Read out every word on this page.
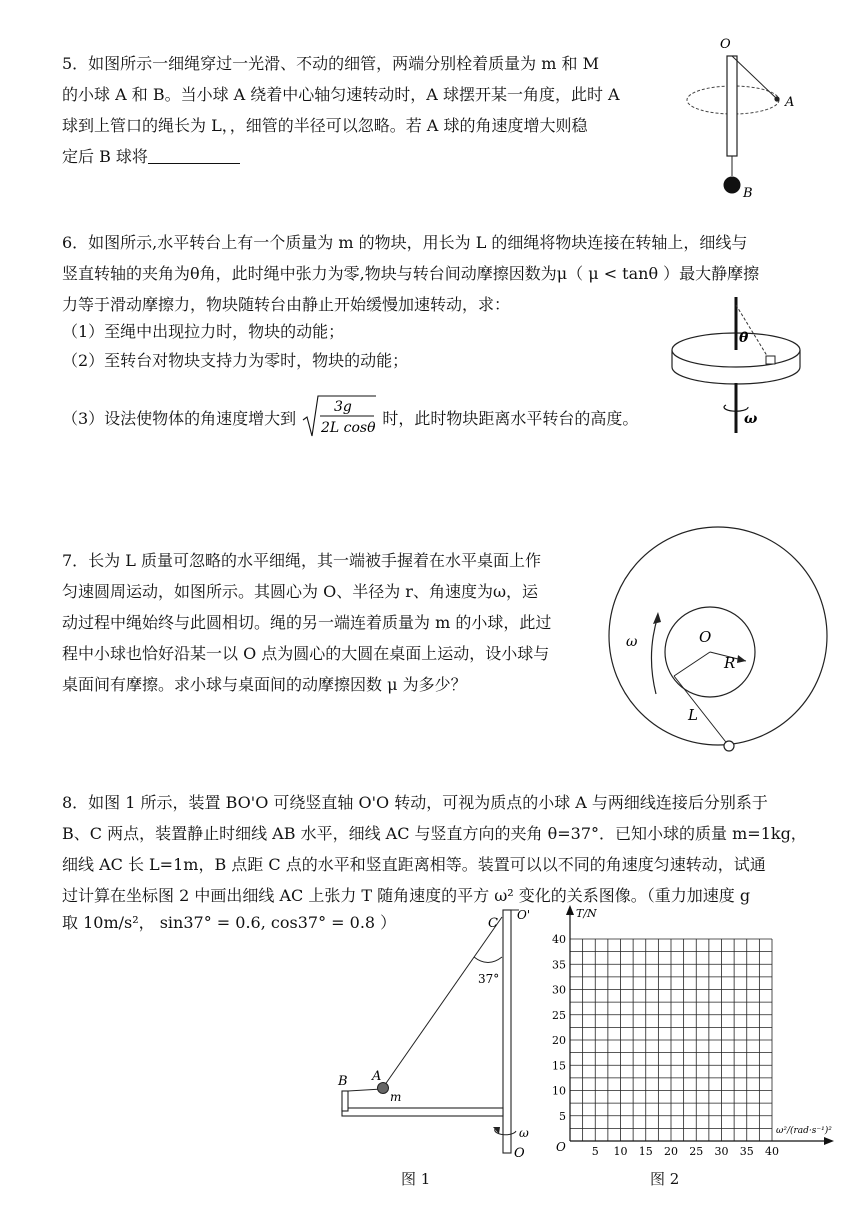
5．如图所示一细绳穿过一光滑、不动的细管，两端分别栓着质量为 m 和 M
的小球 A 和 B。当小球 A 绕着中心轴匀速转动时，A 球摆开某一角度，此时 A
球到上管口的绳长为 L，，细管的半径可以忽略。若 A 球的角速度增大则稳
定后 B 球将
O
A
B
6．如图所示,水平转台上有一个质量为 m 的物块，用长为 L 的细绳将物块连接在转轴上，细线与
竖直转轴的夹角为θ角，此时绳中张力为零,物块与转台间动摩擦因数为μ（ μ < tanθ ）最大静摩擦
力等于滑动摩擦力，物块随转台由静止开始缓慢加速转动，求：
（1）至绳中出现拉力时，物块的动能；
（2）至转台对物块支持力为零时，物块的动能；
（3）设法使物体的角速度增大到
3g
2L cosθ 时，此时物块距离水平转台的高度。
θ
ω
7．长为 L 质量可忽略的水平细绳，其一端被手握着在水平桌面上作
匀速圆周运动，如图所示。其圆心为 O、半径为 r、角速度为ω，运
动过程中绳始终与此圆相切。绳的另一端连着质量为 m 的小球，此过
程中小球也恰好沿某一以 O 点为圆心的大圆在桌面上运动，设小球与
桌面间有摩擦。求小球与桌面间的动摩擦因数 μ 为多少？
ω	O
R
L
8．如图 1 所示，装置 BO'O 可绕竖直轴 O'O 转动，可视为质点的小球 A 与两细线连接后分别系于
B、C 两点，装置静止时细线 AB 水平，细线 AC 与竖直方向的夹角 θ=37°．已知小球的质量 m=1kg，
细线 AC 长 L=1m，B 点距 C 点的水平和竖直距离相等。装置可以以不同的角速度匀速转动，试通
过计算在坐标图 2 中画出细线 AC 上张力 T 随角速度的平方 ω² 变化的关系图像。（重力加速度 g
取 10m/s²， sin37° = 0.6, cos37° = 0.8 ）	C
O'
37°
A
m
B
ω
O
图 1
T/N
ω²/(rad·s⁻¹)²
O
40
35
30
25
20
15
10
5
5 10 15 20 25 30 35 40
图 2
